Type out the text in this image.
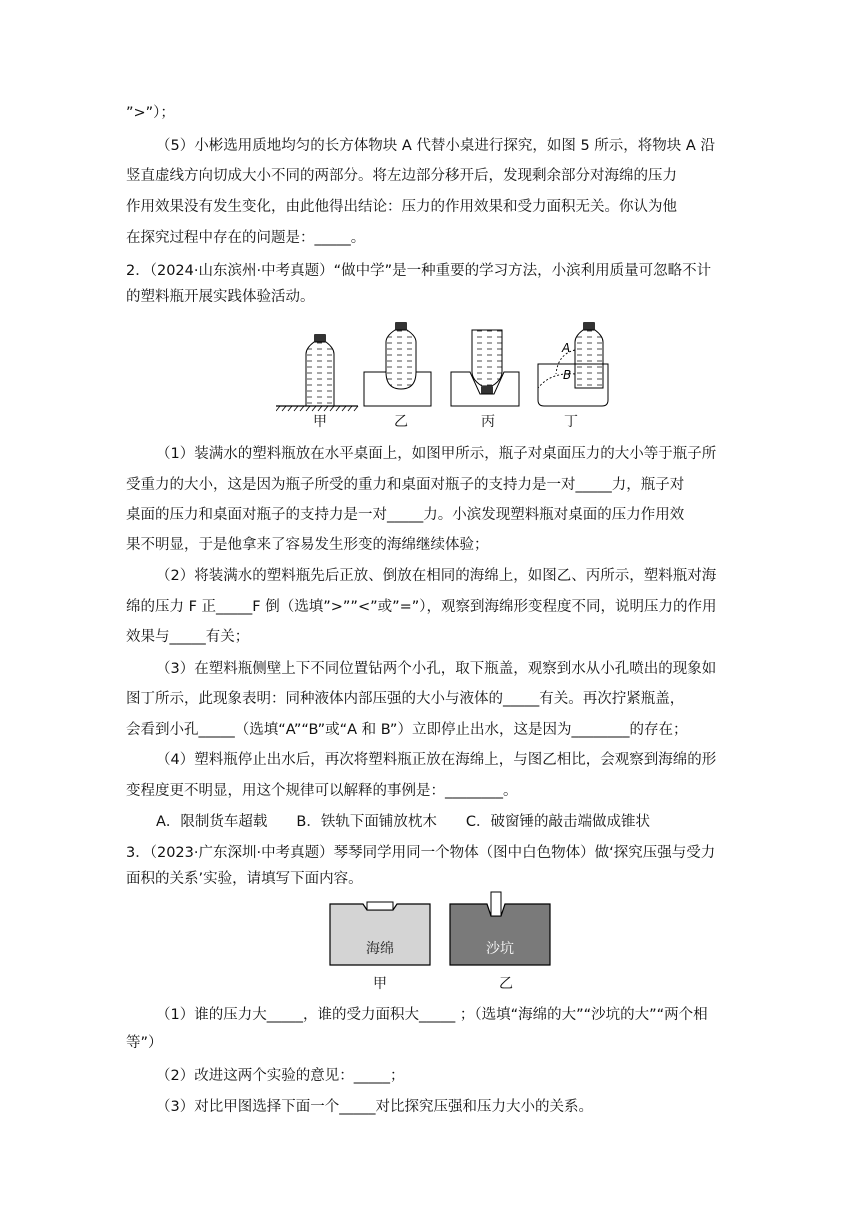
”>”）；
（5）小彬选用质地均匀的长方体物块 A 代替小桌进行探究，如图 5 所示，将物块 A 沿
竖直虚线方向切成大小不同的两部分。将左边部分移开后，发现剩余部分对海绵的压力
作用效果没有发生变化，由此他得出结论：压力的作用效果和受力面积无关。你认为他
在探究过程中存在的问题是：_____。
2．（2024·山东滨州·中考真题）“做中学”是一种重要的学习方法，小滨利用质量可忽略不计
的塑料瓶开展实践体验活动。
A
B
甲	乙	丙	丁
（1）装满水的塑料瓶放在水平桌面上，如图甲所示，瓶子对桌面压力的大小等于瓶子所
受重力的大小，这是因为瓶子所受的重力和桌面对瓶子的支持力是一对_____力，瓶子对
桌面的压力和桌面对瓶子的支持力是一对_____力。小滨发现塑料瓶对桌面的压力作用效
果不明显，于是他拿来了容易发生形变的海绵继续体验；
（2）将装满水的塑料瓶先后正放、倒放在相同的海绵上，如图乙、丙所示，塑料瓶对海
绵的压力 F 正_____F 倒（选填”>””<”或”=”），观察到海绵形变程度不同，说明压力的作用
效果与_____有关；
（3）在塑料瓶侧壁上下不同位置钻两个小孔，取下瓶盖，观察到水从小孔喷出的现象如
图丁所示，此现象表明：同种液体内部压强的大小与液体的_____有关。再次拧紧瓶盖，
会看到小孔_____（选填“A”“B”或“A 和 B”）立即停止出水，这是因为________的存在；
（4）塑料瓶停止出水后，再次将塑料瓶正放在海绵上，与图乙相比，会观察到海绵的形
变程度更不明显，用这个规律可以解释的事例是：________。
A．限制货车超载　　B．铁轨下面铺放枕木　　C．破窗锤的敲击端做成锥状
3．（2023·广东深圳·中考真题）琴琴同学用同一个物体（图中白色物体）做‘探究压强与受力
面积的关系’实验，请填写下面内容。
海绵	沙坑
甲	乙
（1）谁的压力大_____，谁的受力面积大_____ ；（选填“海绵的大”“沙坑的大”“两个相
等”）
（2）改进这两个实验的意见：_____；
（3）对比甲图选择下面一个_____对比探究压强和压力大小的关系。
